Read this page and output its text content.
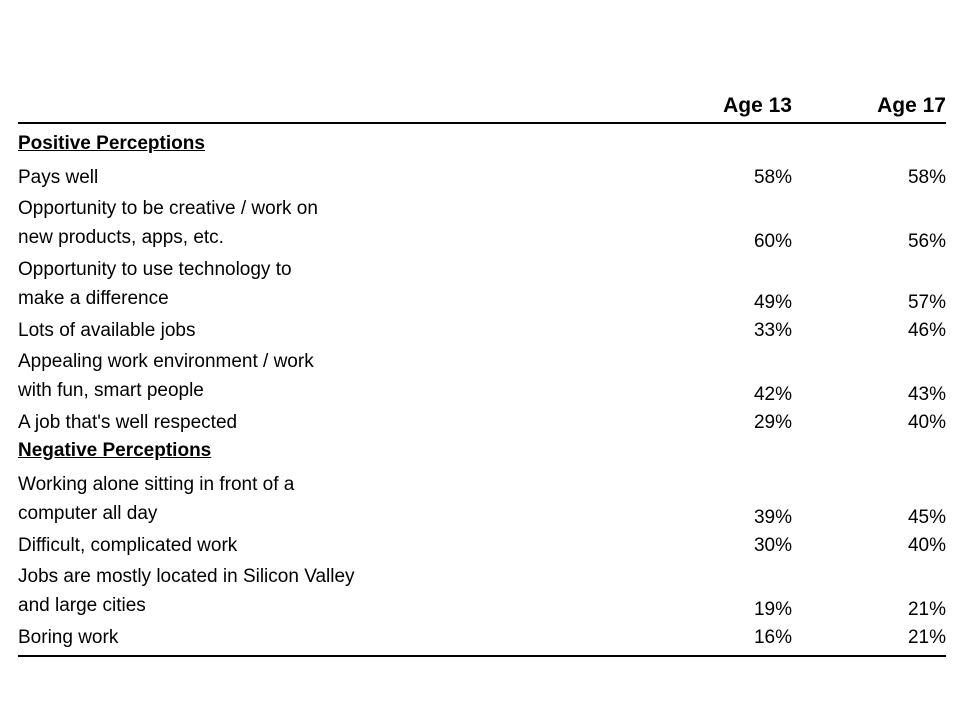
Age 13	Age 17
Positive Perceptions
Pays well	58%	58%
Opportunity to be creative / work on
new products, apps, etc.	60%	56%
Opportunity to use technology to
make a difference	49%	57%
Lots of available jobs	33%	46%
Appealing work environment / work
with fun, smart people	42%	43%
A job that's well respected	29%	40%
Negative Perceptions
Working alone sitting in front of a
computer all day	39%	45%
Difficult, complicated work	30%	40%
Jobs are mostly located in Silicon Valley
and large cities	19%	21%
Boring work	16%	21%
